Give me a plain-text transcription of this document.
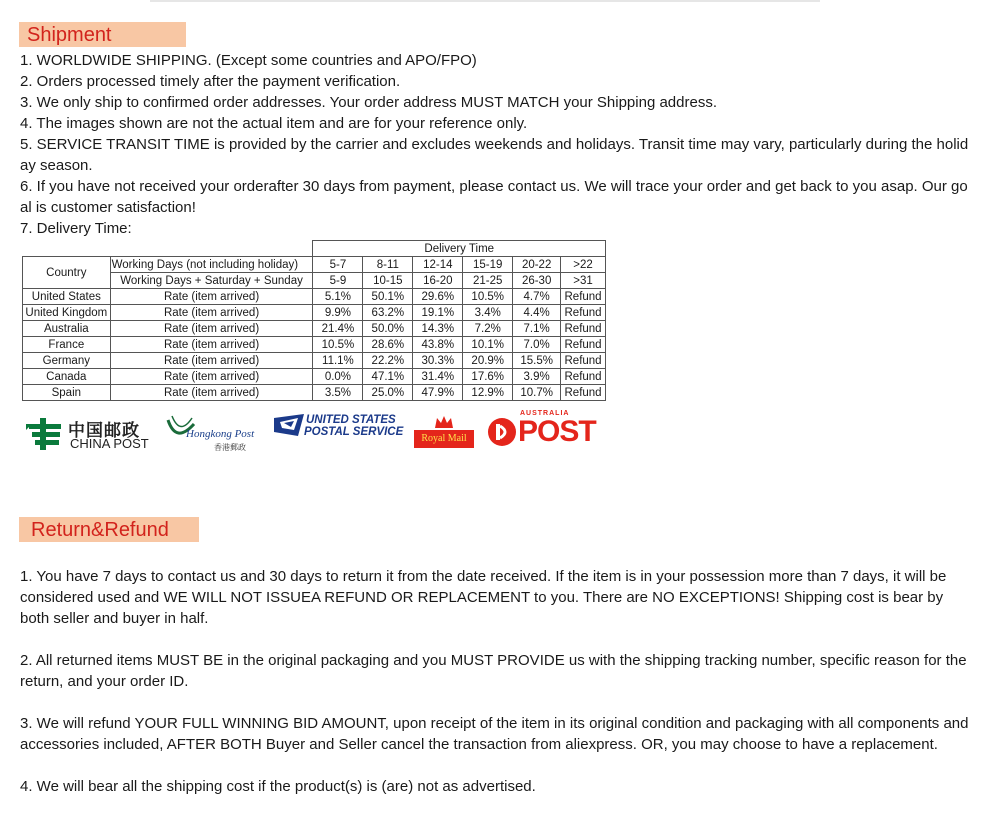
Shipment
1. WORLDWIDE SHIPPING. (Except some countries and APO/FPO)
2. Orders processed timely after the payment verification.
3. We only ship to confirmed order addresses. Your order address MUST MATCH your Shipping address.
4. The images shown are not the actual item and are for your reference only.
5. SERVICE TRANSIT TIME is provided by the carrier and excludes weekends and holidays. Transit time may vary, particularly during the holiday season.
6. If you have not received your orderafter 30 days from payment, please contact us. We will trace your order and get back to you asap. Our goal is customer satisfaction!
7. Delivery Time:
		Delivery Time					
Country	Working Days (not including holiday)	5-7	8-11	12-14	15-19	20-22	>22
	Working Days + Saturday + Sunday	5-9	10-15	16-20	21-25	26-30	>31
United States	Rate (item arrived)	5.1%	50.1%	29.6%	10.5%	4.7%	Refund
United Kingdom	Rate (item arrived)	9.9%	63.2%	19.1%	3.4%	4.4%	Refund
Australia	Rate (item arrived)	21.4%	50.0%	14.3%	7.2%	7.1%	Refund
France	Rate (item arrived)	10.5%	28.6%	43.8%	10.1%	7.0%	Refund
Germany	Rate (item arrived)	11.1%	22.2%	30.3%	20.9%	15.5%	Refund
Canada	Rate (item arrived)	0.0%	47.1%	31.4%	17.6%	3.9%	Refund
Spain	Rate (item arrived)	3.5%	25.0%	47.9%	12.9%	10.7%	Refund
中国邮政
CHINA POST
Hongkong Post
香港郵政
UNITED STATES
POSTAL SERVICE
Royal Mail
AUSTRALIA
POST
Return&Refund

1. You have 7 days to contact us and 30 days to return it from the date received. If the item is in your possession more than 7 days, it will be considered used and WE WILL NOT ISSUEA REFUND OR REPLACEMENT to you. There are NO EXCEPTIONS! Shipping cost is bear by both seller and buyer in half.

2. All returned items MUST BE in the original packaging and you MUST PROVIDE us with the shipping tracking number, specific reason for the return, and your order ID.

3. We will refund YOUR FULL WINNING BID AMOUNT, upon receipt of the item in its original condition and packaging with all components and accessories included, AFTER BOTH Buyer and Seller cancel the transaction from aliexpress. OR, you may choose to have a replacement.

4. We will bear all the shipping cost if the product(s) is (are) not as advertised.
